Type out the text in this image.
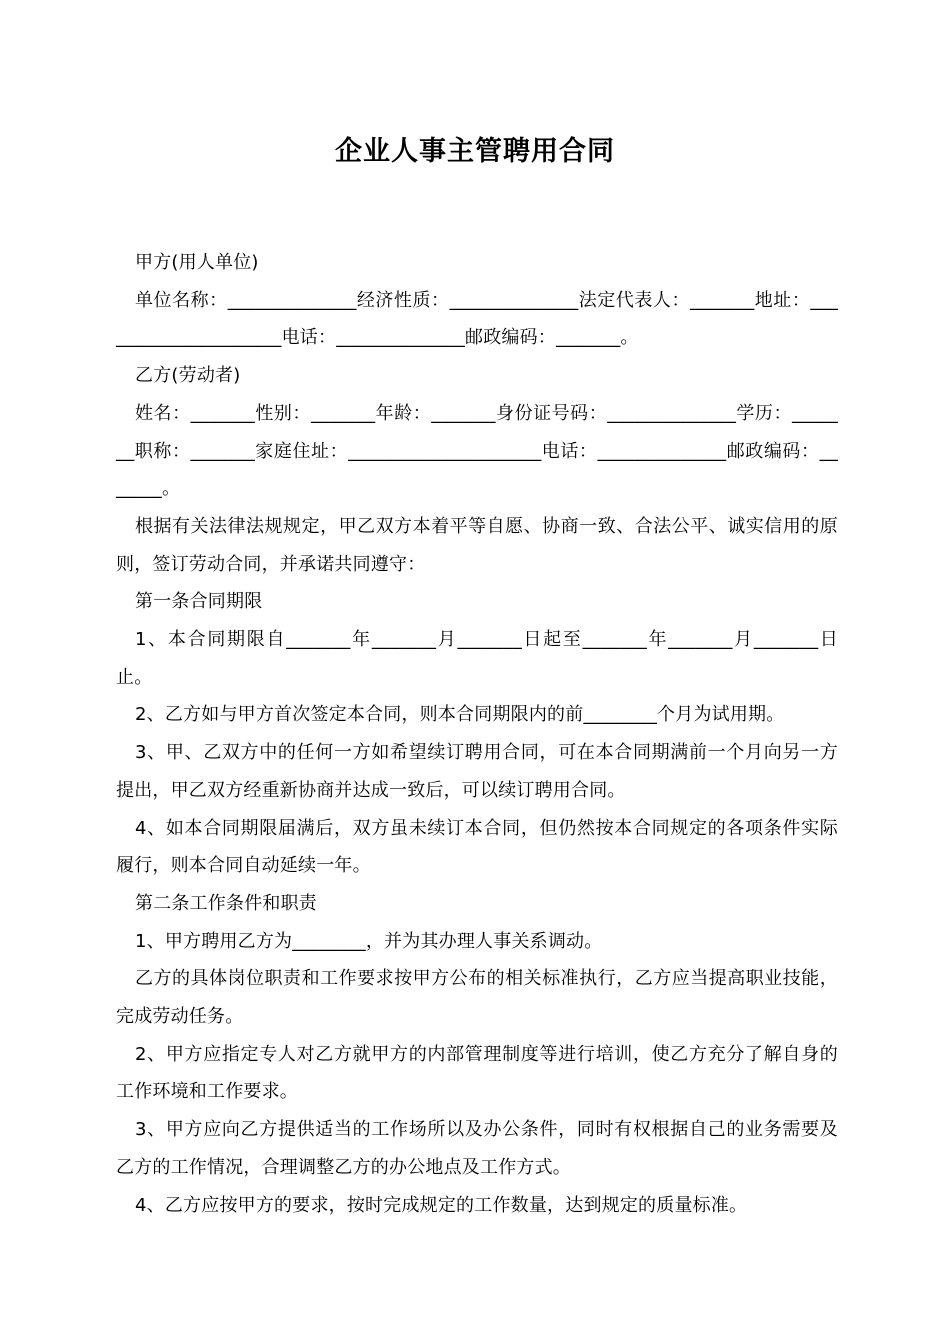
企业人事主管聘用合同

甲方(用人单位)

单位名称：______________经济性质：______________法定代表人：_______地址：_____________________电话：______________邮政编码：_______。

乙方(劳动者)

姓名：_______性别：_______年龄：_______身份证号码：______________学历：_______职称：_______家庭住址：_____________________电话：______________邮政编码：_______。

根据有关法律法规规定，甲乙双方本着平等自愿、协商一致、合法公平、诚实信用的原则，签订劳动合同，并承诺共同遵守：

第一条合同期限

1、本合同期限自_______年_______月_______日起至_______年_______月_______日止。

2、乙方如与甲方首次签定本合同，则本合同期限内的前________个月为试用期。

3、甲、乙双方中的任何一方如希望续订聘用合同，可在本合同期满前一个月向另一方提出，甲乙双方经重新协商并达成一致后，可以续订聘用合同。

4、如本合同期限届满后，双方虽未续订本合同，但仍然按本合同规定的各项条件实际履行，则本合同自动延续一年。

第二条工作条件和职责

1、甲方聘用乙方为________，并为其办理人事关系调动。

乙方的具体岗位职责和工作要求按甲方公布的相关标准执行，乙方应当提高职业技能，完成劳动任务。

2、甲方应指定专人对乙方就甲方的内部管理制度等进行培训，使乙方充分了解自身的工作环境和工作要求。

3、甲方应向乙方提供适当的工作场所以及办公条件，同时有权根据自己的业务需要及乙方的工作情况，合理调整乙方的办公地点及工作方式。

4、乙方应按甲方的要求，按时完成规定的工作数量，达到规定的质量标准。
